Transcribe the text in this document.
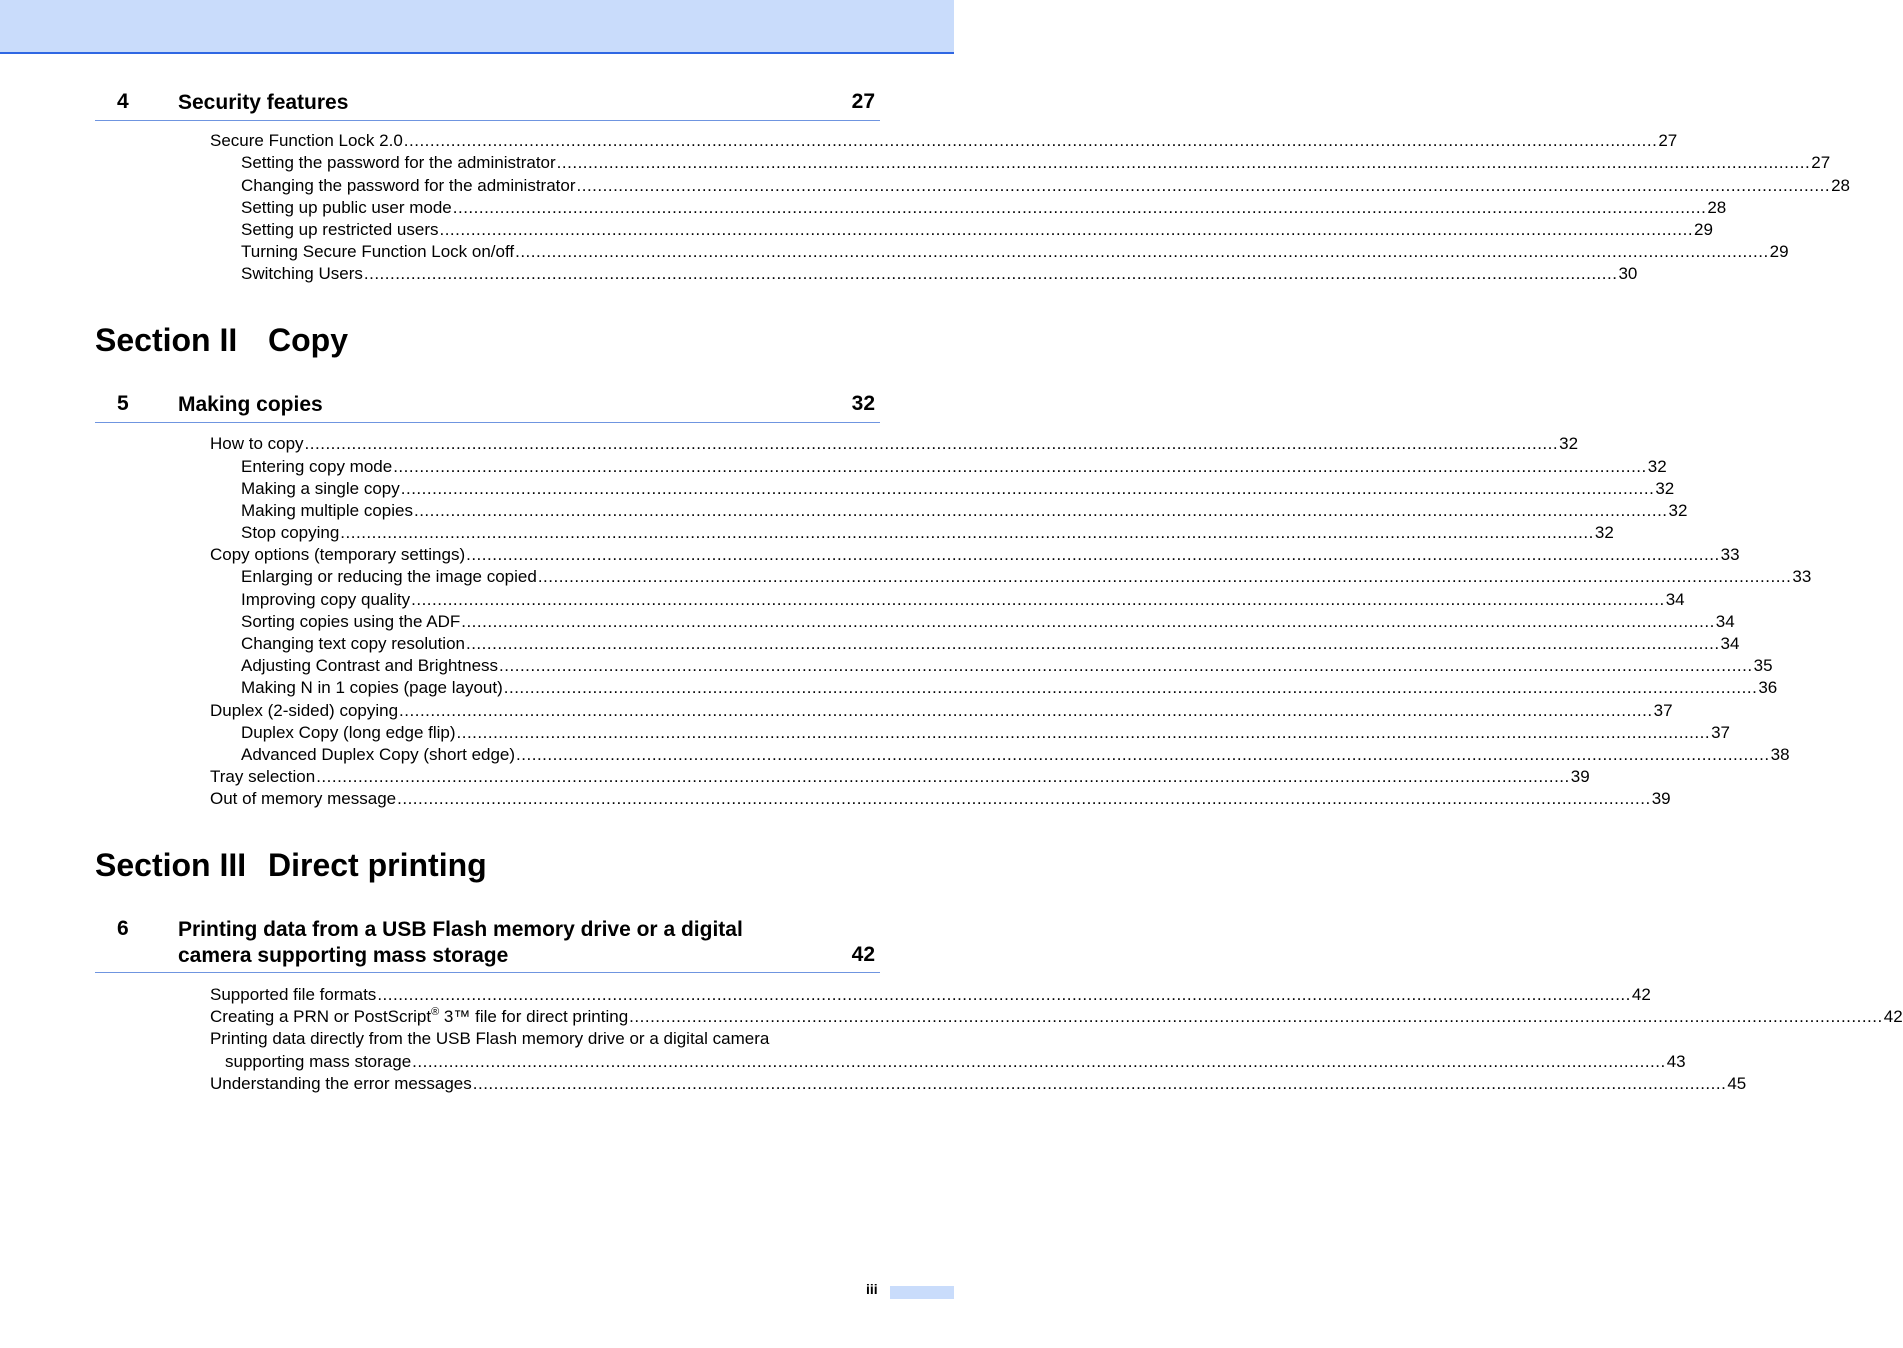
4 Security features	27
Secure Function Lock 2.0 ................................................................................................................................................................................................................................................ 27
Setting the password for the administrator ................................................................................................................................................................................................................................................ 27
Changing the password for the administrator ................................................................................................................................................................................................................................................ 28
Setting up public user mode ................................................................................................................................................................................................................................................ 28
Setting up restricted users ................................................................................................................................................................................................................................................ 29
Turning Secure Function Lock on/off ................................................................................................................................................................................................................................................ 29
Switching Users ................................................................................................................................................................................................................................................ 30
Section II Copy
5 Making copies	32
How to copy ................................................................................................................................................................................................................................................ 32
Entering copy mode ................................................................................................................................................................................................................................................ 32
Making a single copy ................................................................................................................................................................................................................................................ 32
Making multiple copies ................................................................................................................................................................................................................................................ 32
Stop copying ................................................................................................................................................................................................................................................ 32
Copy options (temporary settings) ................................................................................................................................................................................................................................................ 33
Enlarging or reducing the image copied ................................................................................................................................................................................................................................................ 33
Improving copy quality ................................................................................................................................................................................................................................................ 34
Sorting copies using the ADF ................................................................................................................................................................................................................................................ 34
Changing text copy resolution ................................................................................................................................................................................................................................................ 34
Adjusting Contrast and Brightness ................................................................................................................................................................................................................................................ 35
Making N in 1 copies (page layout) ................................................................................................................................................................................................................................................ 36
Duplex (2-sided) copying ................................................................................................................................................................................................................................................ 37
Duplex Copy (long edge flip) ................................................................................................................................................................................................................................................ 37
Advanced Duplex Copy (short edge) ................................................................................................................................................................................................................................................ 38
Tray selection ................................................................................................................................................................................................................................................ 39
Out of memory message ................................................................................................................................................................................................................................................ 39
Section III Direct printing
6 Printing data from a USB Flash memory drive or a digital
camera supporting mass storage	42
Supported file formats ................................................................................................................................................................................................................................................ 42
Creating a PRN or PostScript® 3™ file for direct printing ................................................................................................................................................................................................................................................ 42
Printing data directly from the USB Flash memory drive or a digital camera
supporting mass storage ................................................................................................................................................................................................................................................ 43
Understanding the error messages ................................................................................................................................................................................................................................................ 45
iii
